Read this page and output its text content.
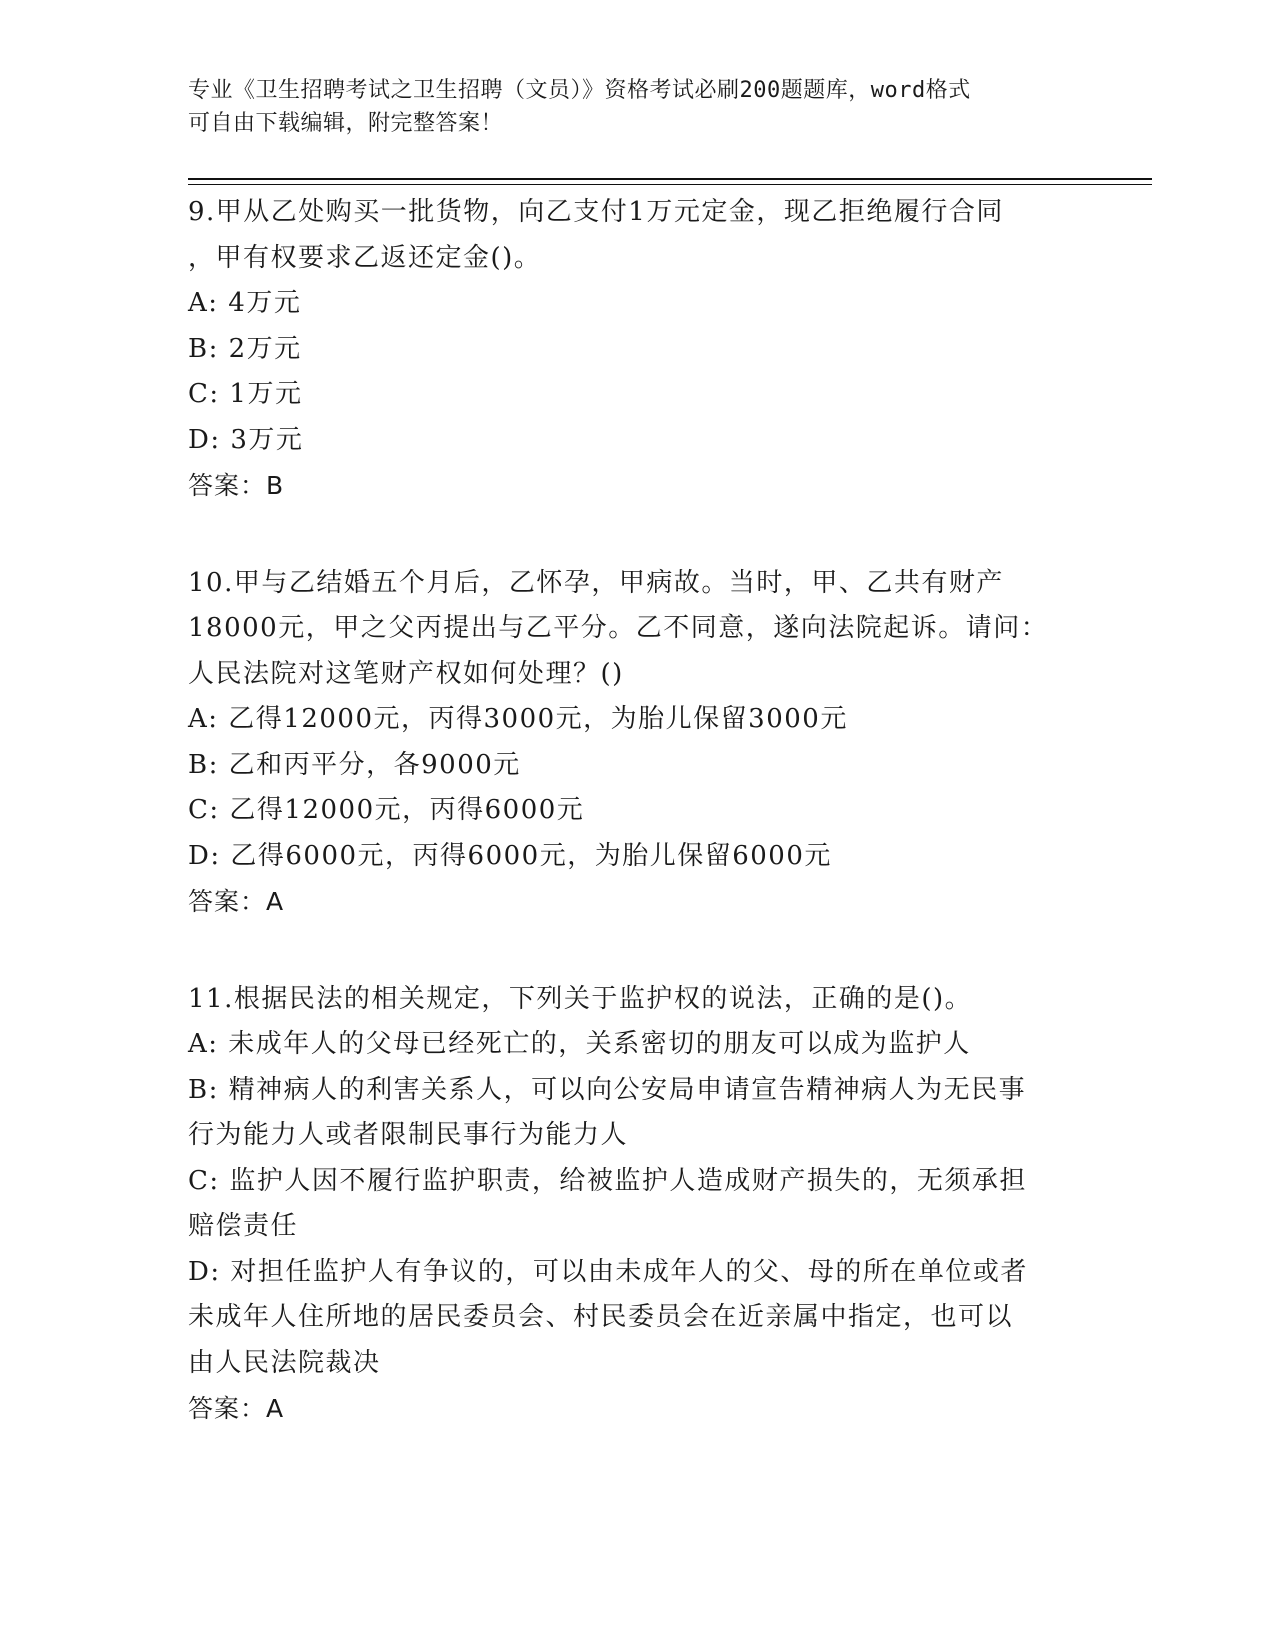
专业《卫生招聘考试之卫生招聘（文员）》资格考试必刷200题题库，word格式
可自由下载编辑，附完整答案！
9.甲从乙处购买一批货物，向乙支付1万元定金，现乙拒绝履行合同
，甲有权要求乙返还定金()。
A: 4万元
B: 2万元
C: 1万元
D: 3万元
答案：B
10.甲与乙结婚五个月后，乙怀孕，甲病故。当时，甲、乙共有财产
18000元，甲之父丙提出与乙平分。乙不同意，遂向法院起诉。请问：
人民法院对这笔财产权如何处理？()
A: 乙得12000元，丙得3000元，为胎儿保留3000元
B: 乙和丙平分，各9000元
C: 乙得12000元，丙得6000元
D: 乙得6000元，丙得6000元，为胎儿保留6000元
答案：A
11.根据民法的相关规定，下列关于监护权的说法，正确的是()。
A: 未成年人的父母已经死亡的，关系密切的朋友可以成为监护人
B: 精神病人的利害关系人，可以向公安局申请宣告精神病人为无民事
行为能力人或者限制民事行为能力人
C: 监护人因不履行监护职责，给被监护人造成财产损失的，无须承担
赔偿责任
D: 对担任监护人有争议的，可以由未成年人的父、母的所在单位或者
未成年人住所地的居民委员会、村民委员会在近亲属中指定，也可以
由人民法院裁决
答案：A
